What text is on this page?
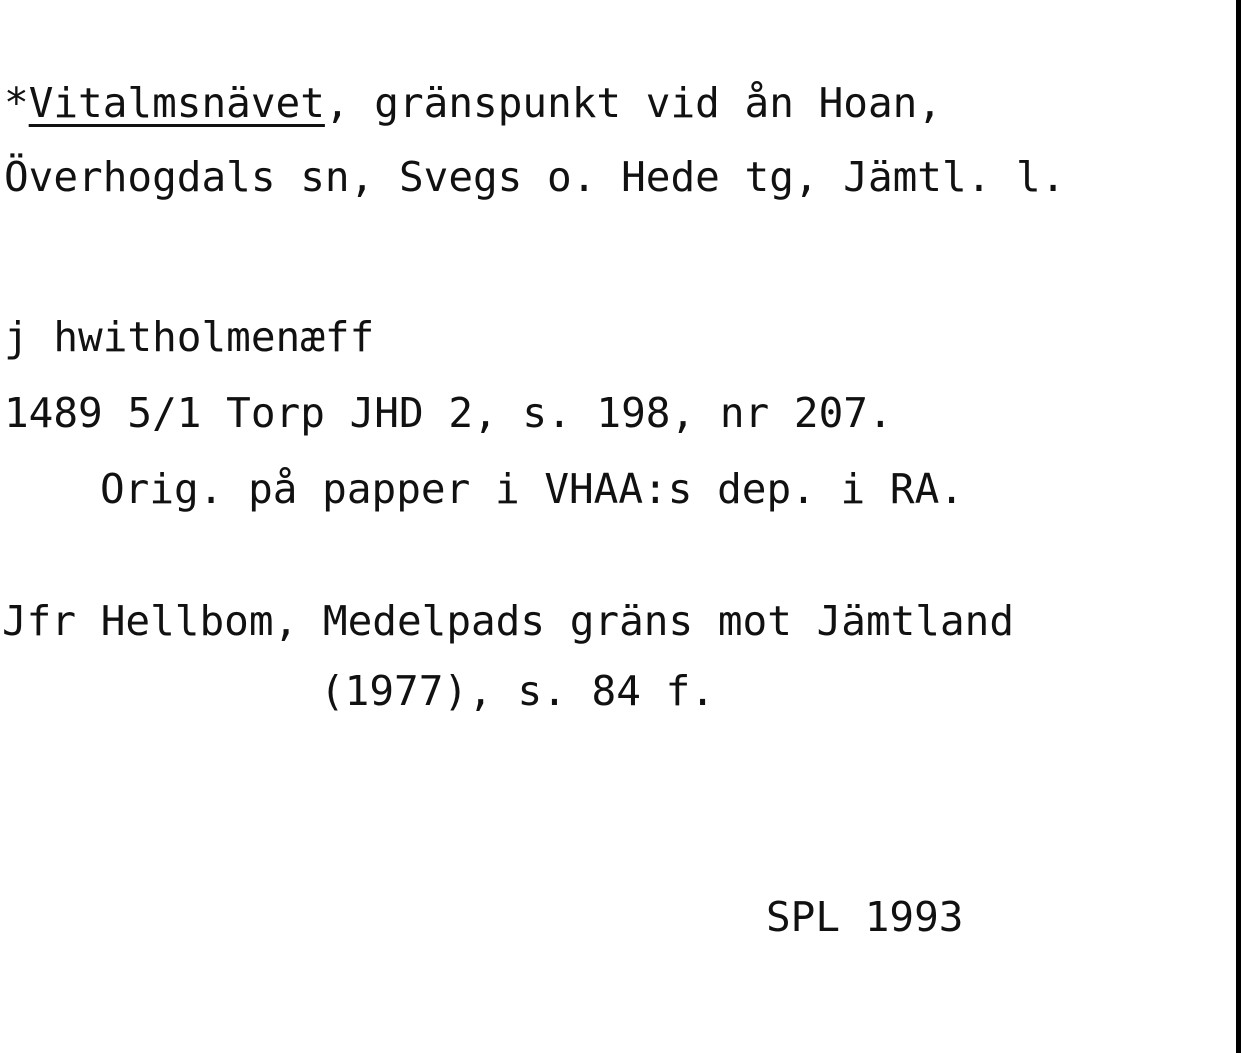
*Vitalmsnävet, gränspunkt vid ån Hoan,

Överhogdals sn, Svegs o. Hede tg, Jämtl. l.

j hwitholmenæff

1489 5/1 Torp JHD 2, s. 198, nr 207.

Orig. på papper i VHAA:s dep. i RA.

Jfr Hellbom, Medelpads gräns mot Jämtland

(1977), s. 84 f.

SPL 1993
